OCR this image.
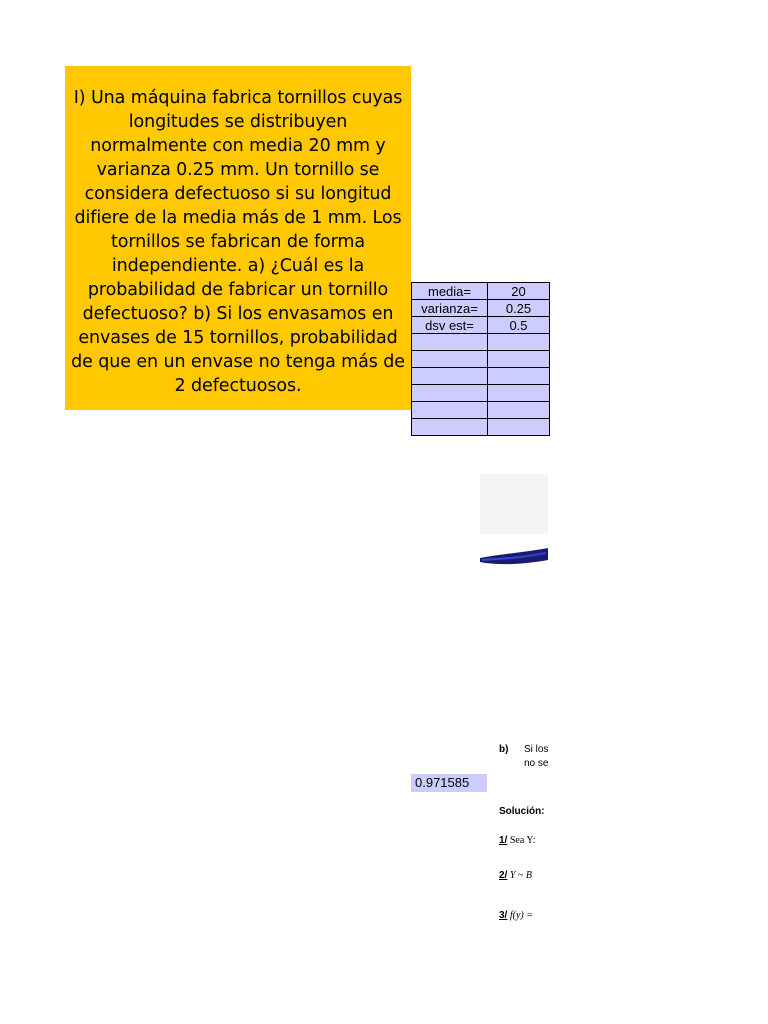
I) Una máquina fabrica tornillos cuyas longitudes se distribuyen normalmente con media 20 mm y varianza 0.25 mm. Un tornillo se considera defectuoso si su longitud difiere de la media más de 1 mm. Los tornillos se fabrican de forma independiente. a) ¿Cuál es la probabilidad de fabricar un tornillo defectuoso? b) Si los envasamos en envases de 15 tornillos, probabilidad de que en un envase no tenga más de 2 defectuosos.

media=	20
varianza=	0.25
dsv est=	0.5

0.971585
b) Si los
no se
Solución:
1/ Sea Y:
2/ Y ~ B
3/ f(y) =
